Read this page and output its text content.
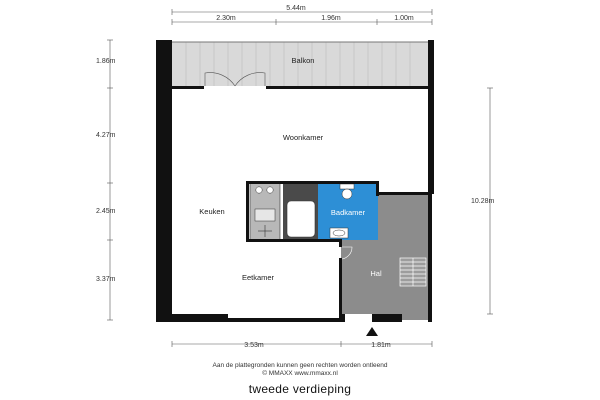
5.44m
2.30m	1.96m	1.00m
1.86m
4.27m
2.45m
3.37m
10.28m
3.53m	1.81m
Balkon
Hal
Badkamer
Woonkamer
Keuken
Eetkamer
Aan de plattegronden kunnen geen rechten worden ontleend
© MMAXX www.mmaxx.nl
tweede verdieping
